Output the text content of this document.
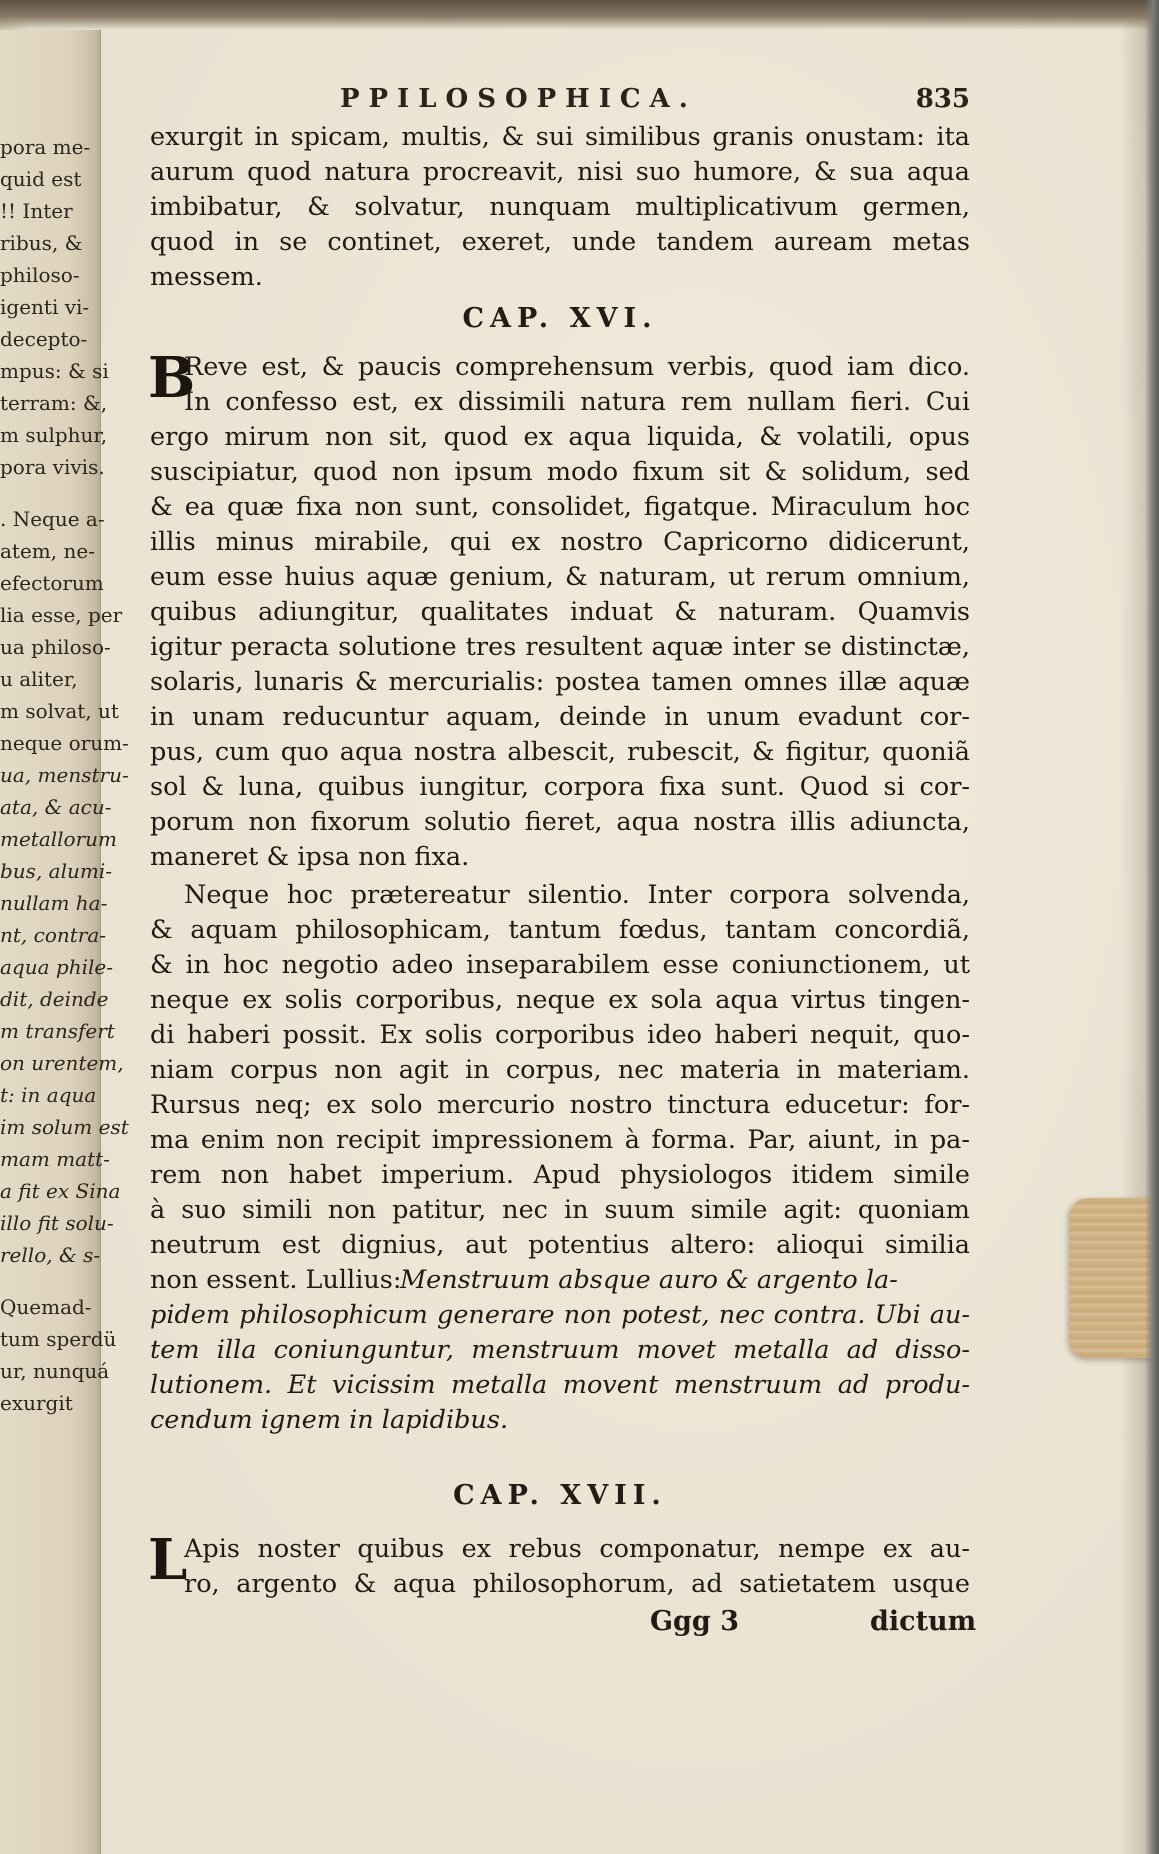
pora me-
quid est
!! Inter
ribus, &
philoso-
igenti vi-
decepto-
mpus: & si
terram: &,
m sulphur,
pora vivis.
. Neque a-
atem, ne-
efectorum
lia esse, per
ua philoso-
u aliter,
m solvat, ut
neque orum-
ua, menstru-
ata, & acu-
metallorum
bus, alumi-
nullam ha-
nt, contra-
aqua phile-
dit, deinde
m transfert
on urentem,
t: in aqua
im solum est
mam matt-
a fit ex Sina
illo fit solu-
rello, & s-
Quemad-
tum sperdü
ur, nunquá
exurgit
PPILOSOPHICA.	835
exurgit in spicam, multis, & sui similibus granis onustam: ita
aurum quod natura procreavit, nisi suo humore, & sua aqua
imbibatur, & solvatur, nunquam multiplicativum germen,
quod in se continet, exeret, unde tandem auream metas
messem.
CAP. XVI.
B
Reve est, & paucis comprehensum verbis, quod iam dico.
In confesso est, ex dissimili natura rem nullam fieri. Cui
ergo mirum non sit, quod ex aqua liquida, & volatili, opus
suscipiatur, quod non ipsum modo fixum sit & solidum, sed
& ea quæ fixa non sunt, consolidet, figatque. Miraculum hoc
illis minus mirabile, qui ex nostro Capricorno didicerunt,
eum esse huius aquæ genium, & naturam, ut rerum omnium,
quibus adiungitur, qualitates induat & naturam. Quamvis
igitur peracta solutione tres resultent aquæ inter se distinctæ,
solaris, lunaris & mercurialis: postea tamen omnes illæ aquæ
in unam reducuntur aquam, deinde in unum evadunt cor-
pus, cum quo aqua nostra albescit, rubescit, & figitur, quoniã
sol & luna, quibus iungitur, corpora fixa sunt. Quod si cor-
porum non fixorum solutio fieret, aqua nostra illis adiuncta,
maneret & ipsa non fixa.
Neque hoc prætereatur silentio. Inter corpora solvenda,
& aquam philosophicam, tantum fœdus, tantam concordiã,
& in hoc negotio adeo inseparabilem esse coniunctionem, ut
neque ex solis corporibus, neque ex sola aqua virtus tingen-
di haberi possit. Ex solis corporibus ideo haberi nequit, quo-
niam corpus non agit in corpus, nec materia in materiam.
Rursus neq; ex solo mercurio nostro tinctura educetur: for-
ma enim non recipit impressionem à forma. Par, aiunt, in pa-
rem non habet imperium. Apud physiologos itidem simile
à suo simili non patitur, nec in suum simile agit: quoniam
neutrum est dignius, aut potentius altero: alioqui similia
non essent. Lullius:
Menstruum absque auro & argento la-
pidem philosophicum generare non potest, nec contra. Ubi au-
tem illa coniunguntur, menstruum movet metalla ad disso-
lutionem. Et vicissim metalla movent menstruum ad produ-
cendum ignem in lapidibus.
CAP. XVII.
L
Apis noster quibus ex rebus componatur, nempe ex au-
ro, argento & aqua philosophorum, ad satietatem usque
Ggg 3	dictum
